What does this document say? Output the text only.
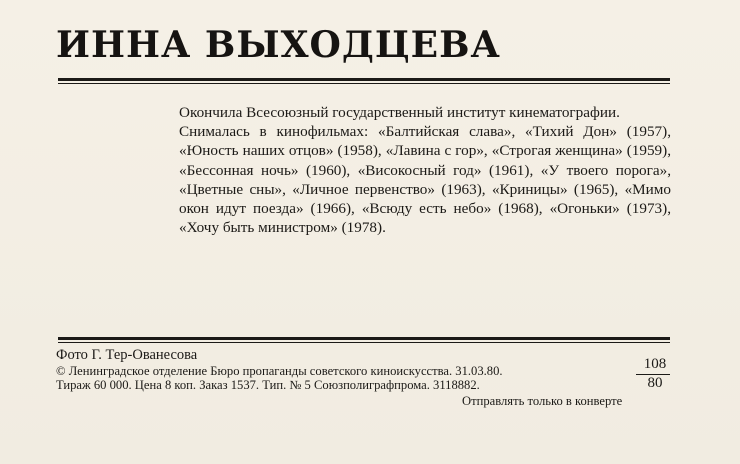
ИННА ВЫХОДЦЕВА

Окончила Всесоюзный государственный институт кинематографии.

Снималась в кинофильмах: «Балтийская слава», «Тихий Дон» (1957), «Юность наших отцов» (1958), «Лавина с гор», «Строгая женщина» (1959), «Бессонная ночь» (1960), «Високосный год» (1961), «У твоего порога», «Цветные сны», «Личное первенство» (1963), «Криницы» (1965), «Мимо окон идут поезда» (1966), «Всюду есть небо» (1968), «Огоньки» (1973), «Хочу быть министром» (1978).

Фото Г. Тер-Ованесова
© Ленинградское отделение Бюро пропаганды советского киноискусства. 31.03.80.
Тираж 60 000. Цена 8 коп. Заказ 1537. Тип. № 5 Союзполиграфпрома. 3118882.
Отправлять только в конверте
108
80
